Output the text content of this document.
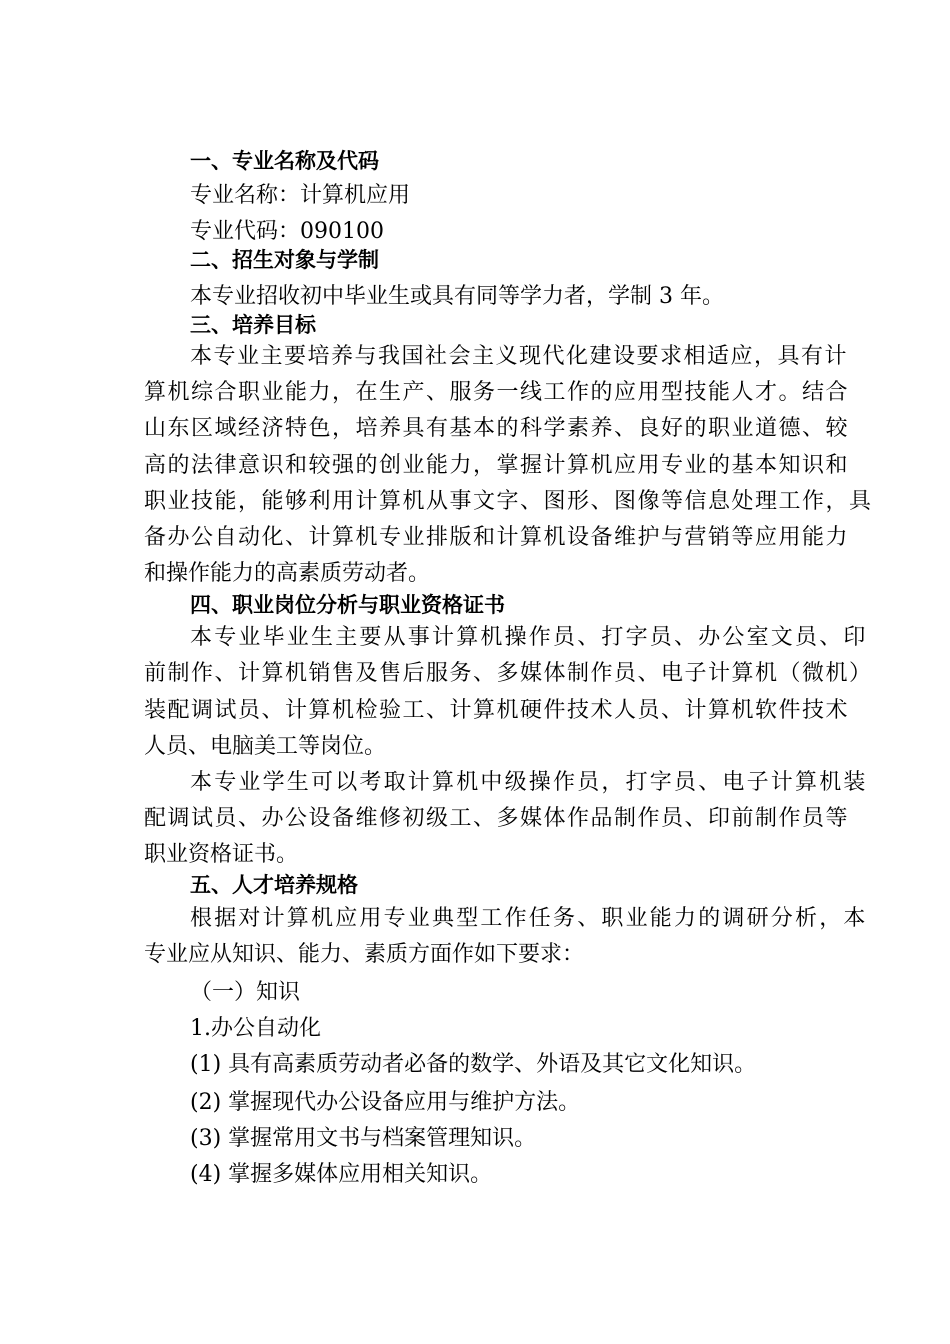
一、专业名称及代码
专业名称：计算机应用
专业代码：090100
二、招生对象与学制
本专业招收初中毕业生或具有同等学力者，学制 3 年。
三、培养目标
本专业主要培养与我国社会主义现代化建设要求相适应，具有计
算机综合职业能力，在生产、服务一线工作的应用型技能人才。结合
山东区域经济特色，培养具有基本的科学素养、良好的职业道德、较
高的法律意识和较强的创业能力，掌握计算机应用专业的基本知识和
职业技能，能够利用计算机从事文字、图形、图像等信息处理工作，具
备办公自动化、计算机专业排版和计算机设备维护与营销等应用能力
和操作能力的高素质劳动者。
四、职业岗位分析与职业资格证书
本专业毕业生主要从事计算机操作员、打字员、办公室文员、印
前制作、计算机销售及售后服务、多媒体制作员、电子计算机（微机）
装配调试员、计算机检验工、计算机硬件技术人员、计算机软件技术
人员、电脑美工等岗位。
本专业学生可以考取计算机中级操作员，打字员、电子计算机装
配调试员、办公设备维修初级工、多媒体作品制作员、印前制作员等
职业资格证书。
五、人才培养规格
根据对计算机应用专业典型工作任务、职业能力的调研分析，本
专业应从知识、能力、素质方面作如下要求：
（一）知识
1.办公自动化
(1) 具有高素质劳动者必备的数学、外语及其它文化知识。
(2) 掌握现代办公设备应用与维护方法。
(3) 掌握常用文书与档案管理知识。
(4) 掌握多媒体应用相关知识。
